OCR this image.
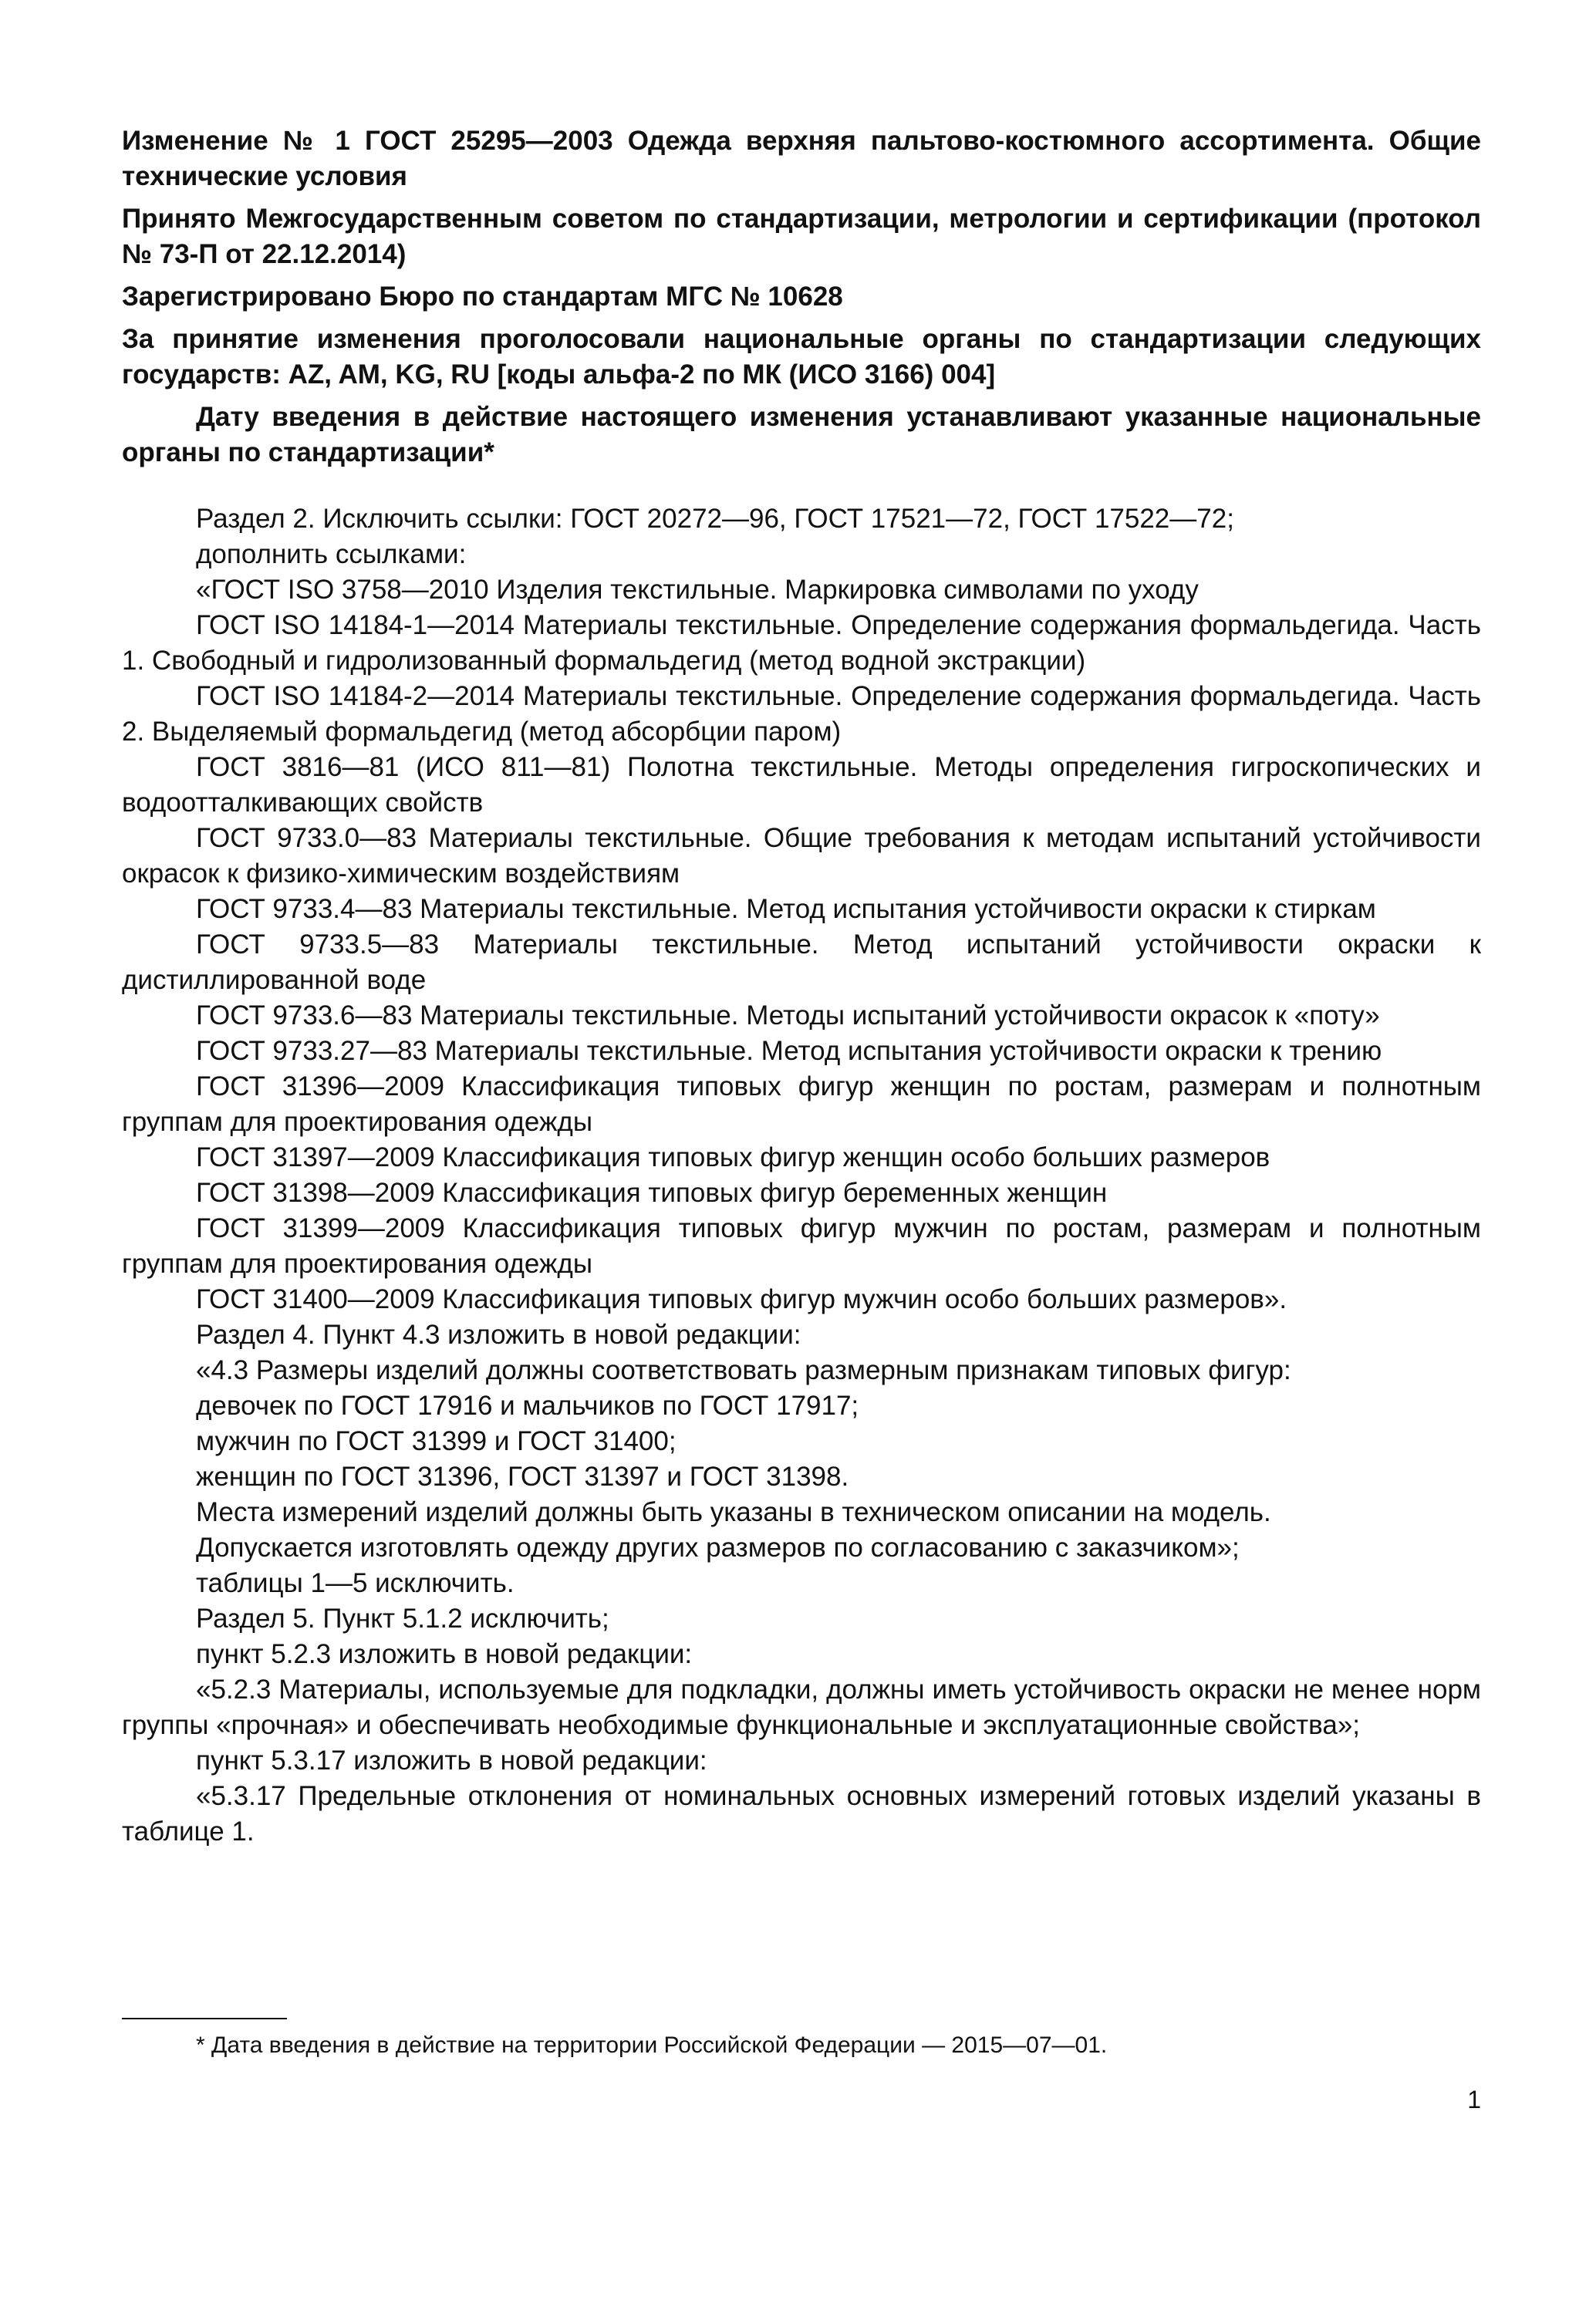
Изменение № 1 ГОСТ 25295—2003 Одежда верхняя пальтово-костюмного ассортимента. Общие технические условия

Принято Межгосударственным советом по стандартизации, метрологии и сертификации (протокол № 73-П от 22.12.2014)

Зарегистрировано Бюро по стандартам МГС № 10628

За принятие изменения проголосовали национальные органы по стандартизации следующих государств: AZ, AM, KG, RU [коды альфа-2 по МК (ИСО 3166) 004]

Дату введения в действие настоящего изменения устанавливают указанные национальные органы по стандартизации*

Раздел 2. Исключить ссылки: ГОСТ 20272—96, ГОСТ 17521—72, ГОСТ 17522—72;

дополнить ссылками:

«ГОСТ ISO 3758—2010 Изделия текстильные. Маркировка символами по уходу

ГОСТ ISO 14184-1—2014 Материалы текстильные. Определение содержания формальдегида. Часть 1. Свободный и гидролизованный формальдегид (метод водной экстракции)

ГОСТ ISO 14184-2—2014 Материалы текстильные. Определение содержания формальдегида. Часть 2. Выделяемый формальдегид (метод абсорбции паром)

ГОСТ 3816—81 (ИСО 811—81) Полотна текстильные. Методы определения гигроскопических и водоотталкивающих свойств

ГОСТ 9733.0—83 Материалы текстильные. Общие требования к методам испытаний устойчивости окрасок к физико-химическим воздействиям

ГОСТ 9733.4—83 Материалы текстильные. Метод испытания устойчивости окраски к стиркам

ГОСТ 9733.5—83 Материалы текстильные. Метод испытаний устойчивости окраски к дистиллированной воде

ГОСТ 9733.6—83 Материалы текстильные. Методы испытаний устойчивости окрасок к «поту»

ГОСТ 9733.27—83 Материалы текстильные. Метод испытания устойчивости окраски к трению

ГОСТ 31396—2009 Классификация типовых фигур женщин по ростам, размерам и полнотным группам для проектирования одежды

ГОСТ 31397—2009 Классификация типовых фигур женщин особо больших размеров

ГОСТ 31398—2009 Классификация типовых фигур беременных женщин

ГОСТ 31399—2009 Классификация типовых фигур мужчин по ростам, размерам и полнотным группам для проектирования одежды

ГОСТ 31400—2009 Классификация типовых фигур мужчин особо больших размеров».

Раздел 4. Пункт 4.3 изложить в новой редакции:

«4.3 Размеры изделий должны соответствовать размерным признакам типовых фигур:

девочек по ГОСТ 17916 и мальчиков по ГОСТ 17917;

мужчин по ГОСТ 31399 и ГОСТ 31400;

женщин по ГОСТ 31396, ГОСТ 31397 и ГОСТ 31398.

Места измерений изделий должны быть указаны в техническом описании на модель.

Допускается изготовлять одежду других размеров по согласованию с заказчиком»;

таблицы 1—5 исключить.

Раздел 5. Пункт 5.1.2 исключить;

пункт 5.2.3 изложить в новой редакции:

«5.2.3 Материалы, используемые для подкладки, должны иметь устойчивость окраски не менее норм группы «прочная» и обеспечивать необходимые функциональные и эксплуатационные свойства»;

пункт 5.3.17 изложить в новой редакции:

«5.3.17 Предельные отклонения от номинальных основных измерений готовых изделий указаны в таблице 1.

* Дата введения в действие на территории Российской Федерации — 2015—07—01.

1
